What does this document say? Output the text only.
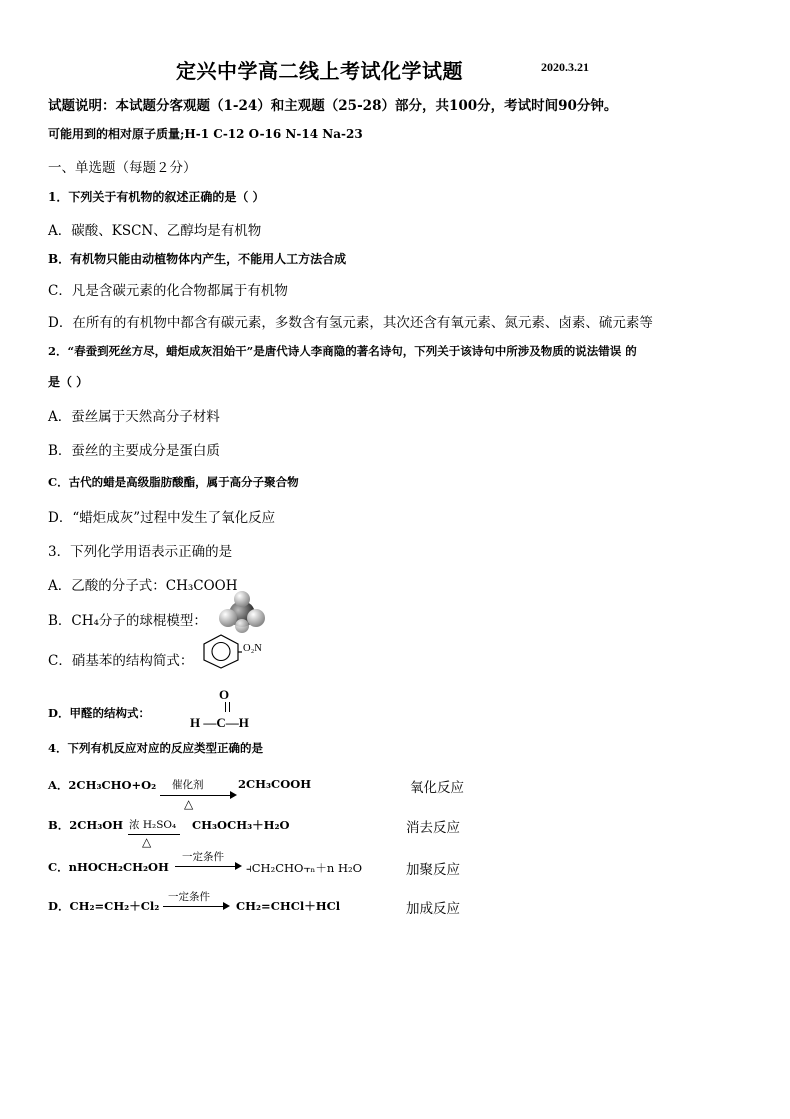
定兴中学高二线上考试化学试题	2020.3.21
试题说明：本试题分客观题（1-24）和主观题（25-28）部分，共100分，考试时间90分钟。
可能用到的相对原子质量;H-1 C-12 O-16 N-14 Na-23
一、单选题（每题２分）
1．下列关于有机物的叙述正确的是（ ）
A．碳酸、KSCN、乙醇均是有机物
B．有机物只能由动植物体内产生，不能用人工方法合成
C．凡是含碳元素的化合物都属于有机物
D．在所有的有机物中都含有碳元素，多数含有氢元素，其次还含有氧元素、氮元素、卤素、硫元素等
2．“春蚕到死丝方尽，蜡炬成灰泪始干”是唐代诗人李商隐的著名诗句，下列关于该诗句中所涉及物质的说法错误 的
是（ ）
A．蚕丝属于天然高分子材料
B．蚕丝的主要成分是蛋白质
C．古代的蜡是高级脂肪酸酯，属于高分子聚合物
D．“蜡炬成灰”过程中发生了氧化反应
3．下列化学用语表示正确的是
A．乙酸的分子式：CH₃COOH
B．CH₄分子的球棍模型：
C．硝基苯的结构简式：
O₂N
D．甲醛的结构式：
O
H ―C―H
4．下列有机反应对应的反应类型正确的是
A．2CH₃CHO+O₂ 催化剂
△
2CH₃COOH	氧化反应
B．2CH₃OH 浓 H₂SO₄
△
CH₃OCH₃＋H₂O	消去反应
C．nHOCH₂CH₂OH
一定条件
⫞CH₂CHO⫟ₙ＋n H₂O	加聚反应
D．CH₂=CH₂＋Cl₂
一定条件
CH₂=CHCl＋HCl	加成反应
